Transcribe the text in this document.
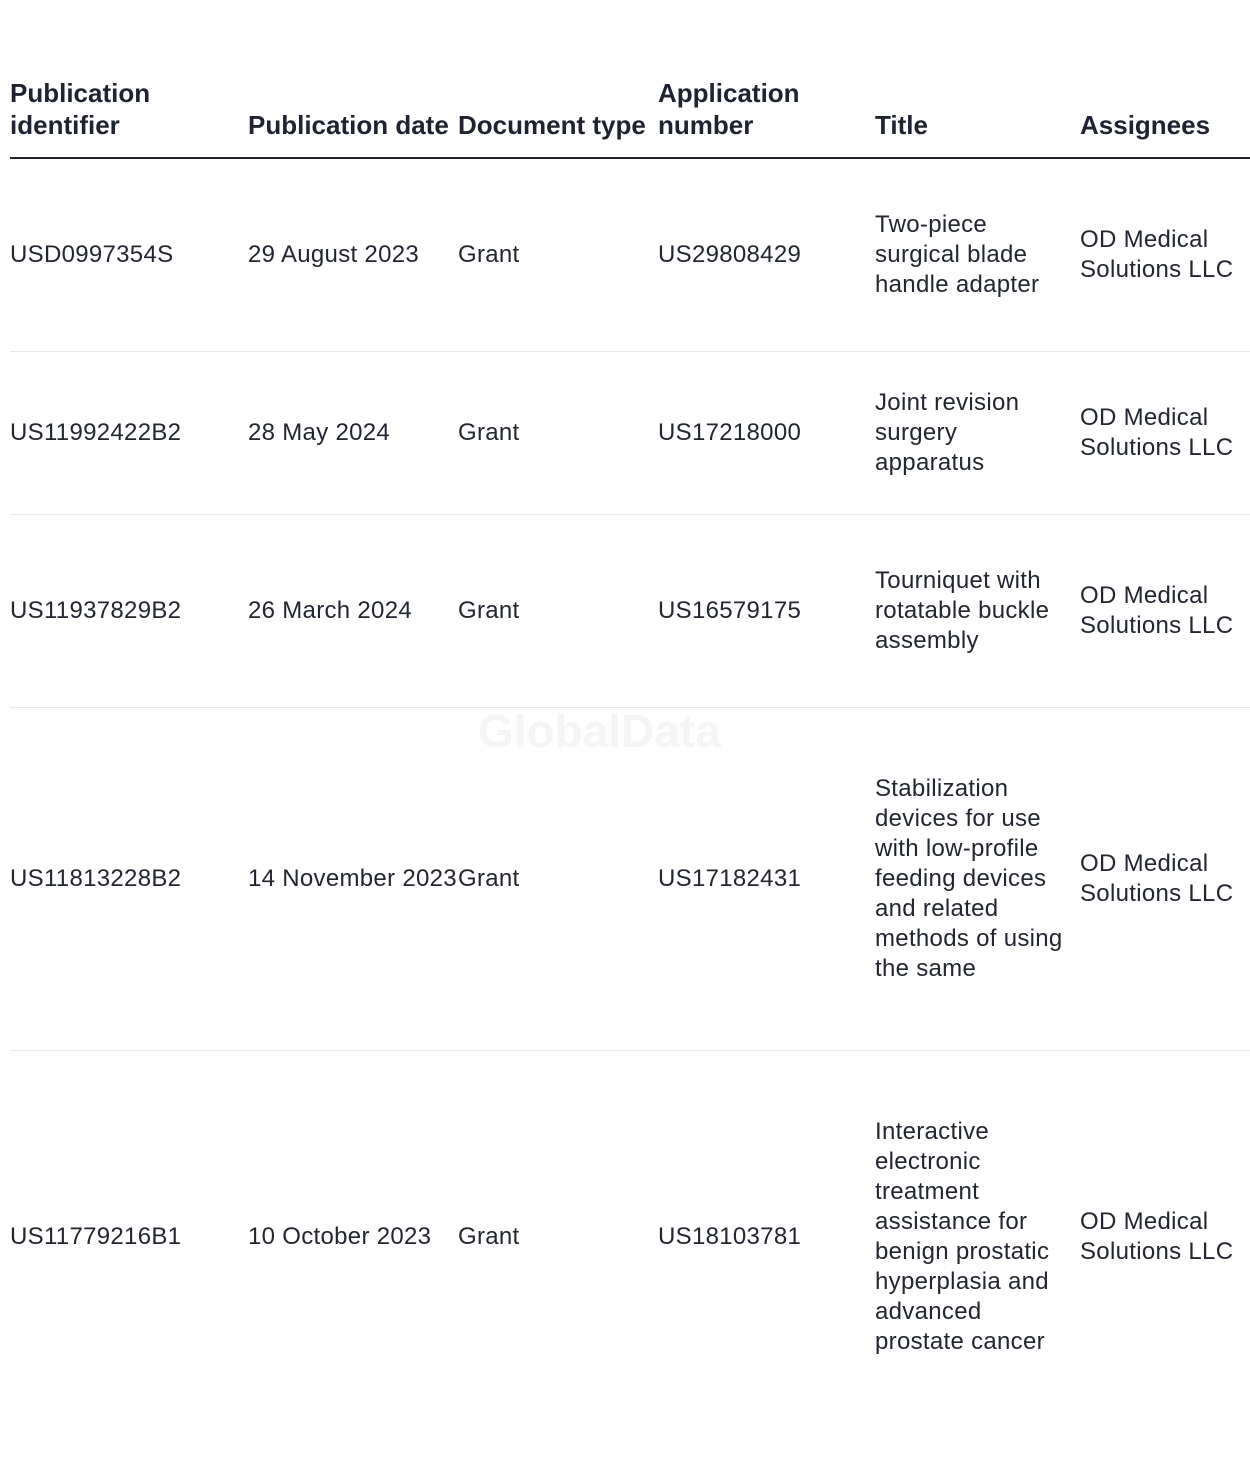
Publication identifier	Publication date	Document type	Application number	Title	Assignees
USD0997354S	29 August 2023	Grant	US29808429	Two-piece surgical blade handle adapter	OD Medical Solutions LLC
US11992422B2	28 May 2024	Grant	US17218000	Joint revision surgery apparatus	OD Medical Solutions LLC
US11937829B2	26 March 2024	Grant	US16579175	Tourniquet with rotatable buckle assembly	OD Medical Solutions LLC
US11813228B2	14 November 2023	Grant	US17182431	Stabilization devices for use with low-profile feeding devices and related methods of using the same	OD Medical Solutions LLC
US11779216B1	10 October 2023	Grant	US18103781	Interactive electronic treatment assistance for benign prostatic hyperplasia and advanced prostate cancer	OD Medical Solutions LLC
GlobalData
